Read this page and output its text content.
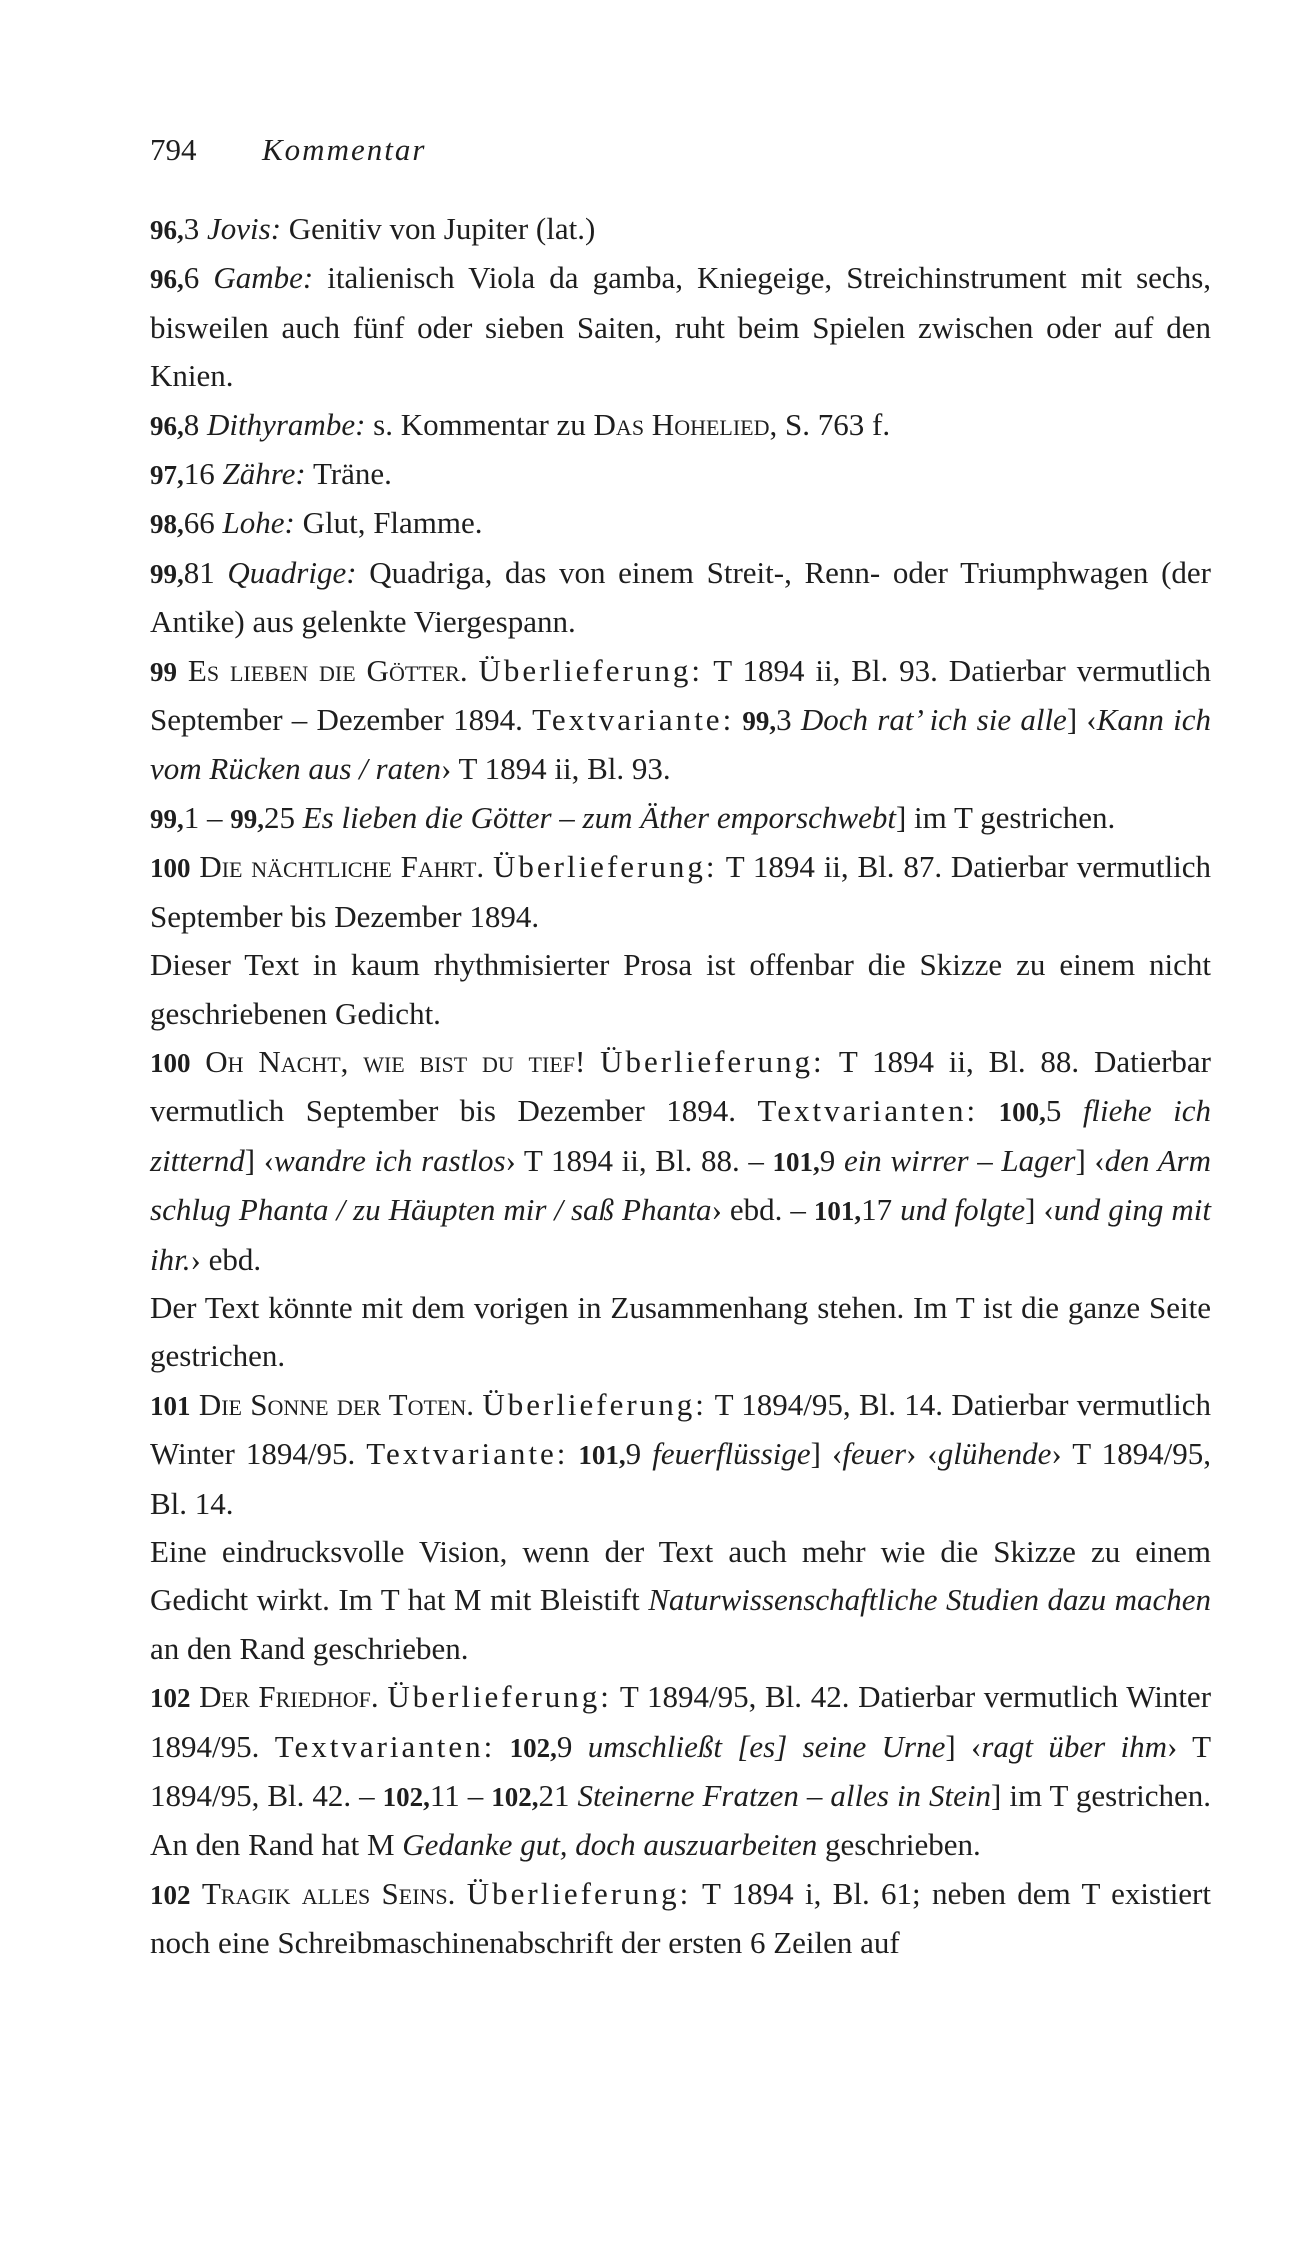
794 Kommentar

96,3 Jovis: Genitiv von Jupiter (lat.)

96,6 Gambe: italienisch Viola da gamba, Kniegeige, Streichinstrument mit sechs, bisweilen auch fünf oder sieben Saiten, ruht beim Spielen zwischen oder auf den Knien.

96,8 Dithyrambe: s. Kommentar zu Das Hohelied, S. 763 f.

97,16 Zähre: Träne.

98,66 Lohe: Glut, Flamme.

99,81 Quadrige: Quadriga, das von einem Streit-, Renn- oder Triumphwagen (der Antike) aus gelenkte Viergespann.

99 Es lieben die Götter. Überlieferung: T 1894 ii, Bl. 93. Datierbar vermutlich September – Dezember 1894. Textvariante: 99,3 Doch rat’ ich sie alle] ‹Kann ich vom Rücken aus / raten› T 1894 ii, Bl. 93.

99,1 – 99,25 Es lieben die Götter – zum Äther emporschwebt] im T gestrichen.

100 Die nächtliche Fahrt. Überlieferung: T 1894 ii, Bl. 87. Datierbar vermutlich September bis Dezember 1894.

Dieser Text in kaum rhythmisierter Prosa ist offenbar die Skizze zu einem nicht geschriebenen Gedicht.

100 Oh Nacht, wie bist du tief! Überlieferung: T 1894 ii, Bl. 88. Datierbar vermutlich September bis Dezember 1894. Textvarianten: 100,5 fliehe ich zitternd] ‹wandre ich rastlos› T 1894 ii, Bl. 88. – 101,9 ein wirrer – Lager] ‹den Arm schlug Phanta / zu Häupten mir / saß Phanta› ebd. – 101,17 und folgte] ‹und ging mit ihr.› ebd.

Der Text könnte mit dem vorigen in Zusammenhang stehen. Im T ist die ganze Seite gestrichen.

101 Die Sonne der Toten. Überlieferung: T 1894/95, Bl. 14. Datierbar vermutlich Winter 1894/95. Textvariante: 101,9 feuerflüssige] ‹feuer› ‹glühende› T 1894/95, Bl. 14.

Eine eindrucksvolle Vision, wenn der Text auch mehr wie die Skizze zu einem Gedicht wirkt. Im T hat M mit Bleistift Naturwissenschaftliche Studien dazu machen an den Rand geschrieben.

102 Der Friedhof. Überlieferung: T 1894/95, Bl. 42. Datierbar vermutlich Winter 1894/95. Textvarianten: 102,9 umschließt [es] seine Urne] ‹ragt über ihm› T 1894/95, Bl. 42. – 102,11 – 102,21 Steinerne Fratzen – alles in Stein] im T gestrichen. An den Rand hat M Gedanke gut, doch auszuarbeiten geschrieben.

102 Tragik alles Seins. Überlieferung: T 1894 i, Bl. 61; neben dem T existiert noch eine Schreibmaschinenabschrift der ersten 6 Zeilen auf
